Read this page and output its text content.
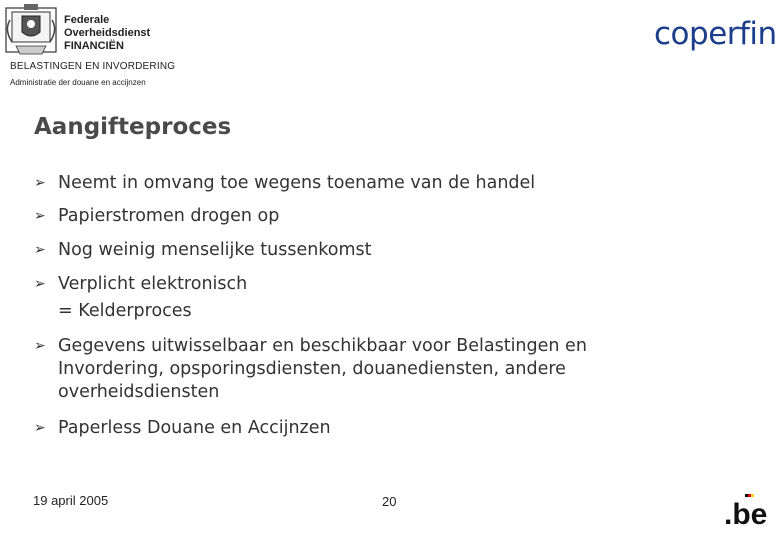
Federale
Overheidsdienst
FINANCIËN
BELASTINGEN EN INVORDERING
Administratie der douane en accijnzen
coperfin
Aangifteproces
➢ Neemt in omvang toe wegens toename van de handel
➢ Papierstromen drogen op
➢ Nog weinig menselijke tussenkomst
➢ Verplicht elektronisch
= Kelderproces
➢ Gegevens uitwisselbaar en beschikbaar voor Belastingen en
Invordering, opsporingsdiensten, douanediensten, andere
overheidsdiensten
➢ Paperless Douane en Accijnzen
19 april 2005	20	.be
